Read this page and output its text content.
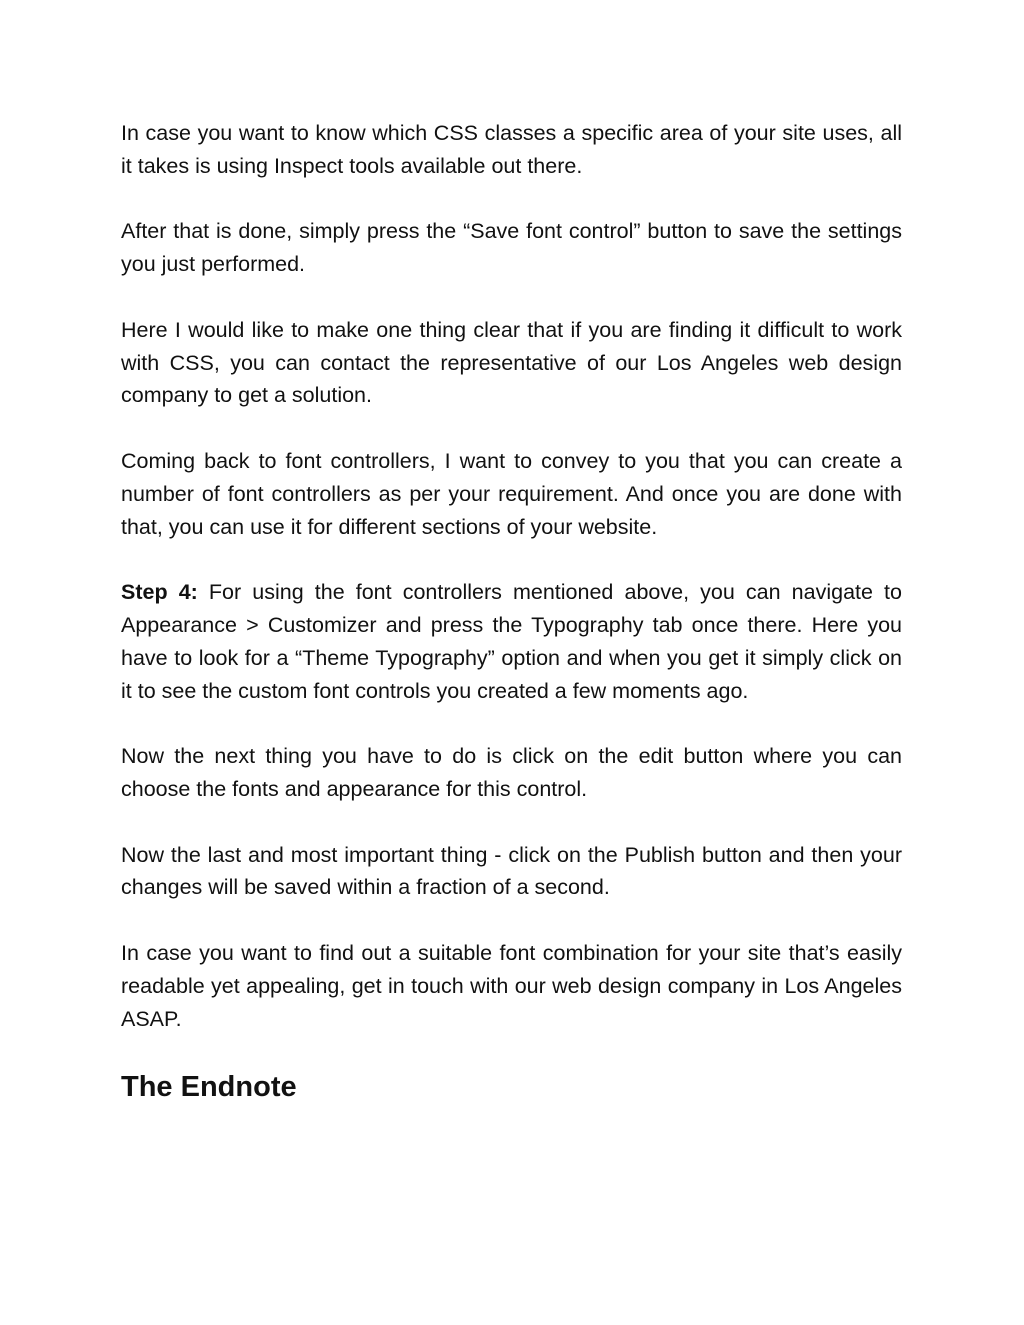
In case you want to know which CSS classes a specific area of your site uses, all it takes is using Inspect tools available out there.

After that is done, simply press the “Save font control” button to save the settings you just performed.

Here I would like to make one thing clear that if you are finding it difficult to work with CSS, you can contact the representative of our Los Angeles web design company to get a solution.

Coming back to font controllers, I want to convey to you that you can create a number of font controllers as per your requirement. And once you are done with that, you can use it for different sections of your website.

Step 4: For using the font controllers mentioned above, you can navigate to Appearance > Customizer and press the Typography tab once there. Here you have to look for a “Theme Typography” option and when you get it simply click on it to see the custom font controls you created a few moments ago.

Now the next thing you have to do is click on the edit button where you can choose the fonts and appearance for this control.

Now the last and most important thing - click on the Publish button and then your changes will be saved within a fraction of a second.

In case you want to find out a suitable font combination for your site that’s easily readable yet appealing, get in touch with our web design company in Los Angeles ASAP.

The Endnote
